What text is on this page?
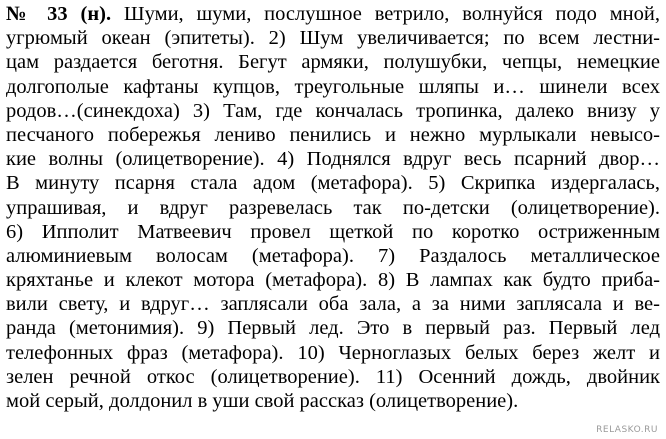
№ 33 (н). Шуми, шуми, послушное ветрило, волнуйся подо мной,
угрюмый океан (эпитеты). 2) Шум увеличивается; по всем лестни-
цам раздается беготня. Бегут армяки, полушубки, чепцы, немецкие
долгополые кафтаны купцов, треугольные шляпы и… шинели всех
родов…(синекдоха) 3) Там, где кончалась тропинка, далеко внизу у
песчаного побережья лениво пенились и нежно мурлыкали невысо-
кие волны (олицетворение). 4) Поднялся вдруг весь псарний двор…
В минуту псарня стала адом (метафора). 5) Скрипка издергалась,
упрашивая, и вдруг разревелась так по-детски (олицетворение).
6) Ипполит Матвеевич провел щеткой по коротко остриженным
алюминиевым волосам (метафора). 7) Раздалось металлическое
кряхтанье и клекот мотора (метафора). 8) В лампах как будто приба-
вили свету, и вдруг… заплясали оба зала, а за ними заплясала и ве-
ранда (метонимия). 9) Первый лед. Это в первый раз. Первый лед
телефонных фраз (метафора). 10) Черноглазых белых берез желт и
зелен речной откос (олицетворение). 11) Осенний дождь, двойник
мой серый, долдонил в уши свой рассказ (олицетворение).
RELASKO.RU
